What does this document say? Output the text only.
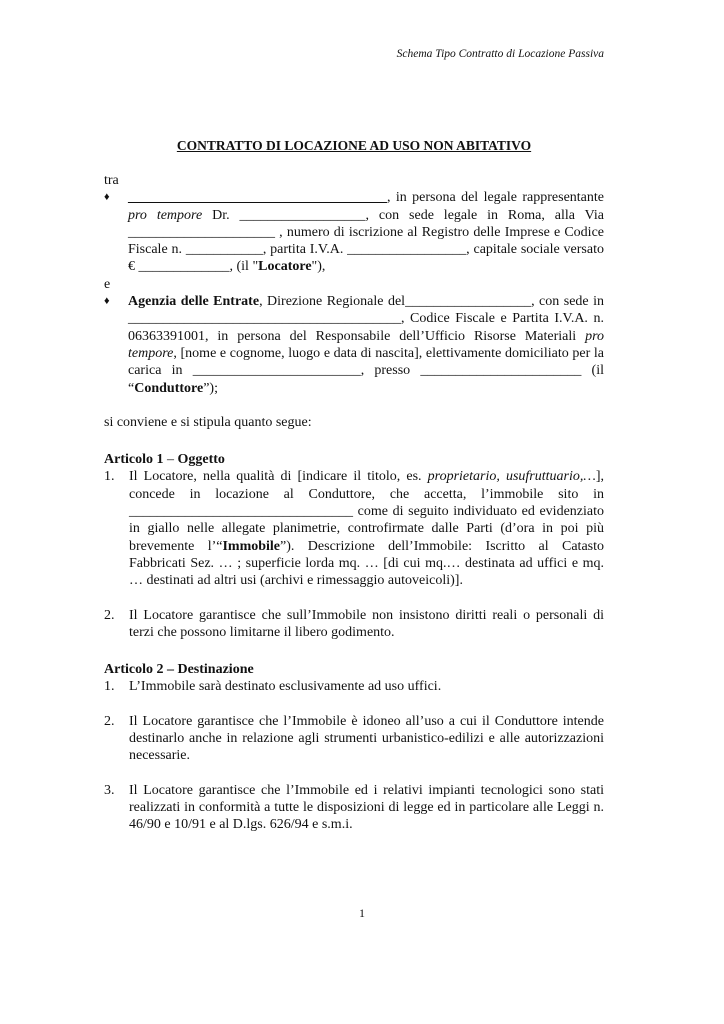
Schema Tipo Contratto di Locazione Passiva
CONTRATTO DI LOCAZIONE AD USO NON ABITATIVO

tra

♦ _____________________________________, in persona del legale rappresentante pro tempore Dr. __________________, con sede legale in Roma, alla Via _____________________ , numero di iscrizione al Registro delle Imprese e Codice Fiscale n. ___________, partita I.V.A. _________________, capitale sociale versato € _____________, (il "Locatore"),

e

♦ Agenzia delle Entrate, Direzione Regionale del__________________, con sede in _______________________________________, Codice Fiscale e Partita I.V.A. n. 06363391001, in persona del Responsabile dell’Ufficio Risorse Materiali pro tempore, [nome e cognome, luogo e data di nascita], elettivamente domiciliato per la carica in ________________________, presso _______________________ (il “Conduttore”);

si conviene e si stipula quanto segue:

Articolo 1 – Oggetto

1. Il Locatore, nella qualità di [indicare il titolo, es. proprietario, usufruttuario,…], concede in locazione al Conduttore, che accetta, l’immobile sito in ________________________________ come di seguito individuato ed evidenziato in giallo nelle allegate planimetrie, controfirmate dalle Parti (d’ora in poi più brevemente l’“Immobile”). Descrizione dell’Immobile: Iscritto al Catasto Fabbricati Sez. … ; superficie lorda mq. … [di cui mq.… destinata ad uffici e mq. … destinati ad altri usi (archivi e rimessaggio autoveicoli)].

2. Il Locatore garantisce che sull’Immobile non insistono diritti reali o personali di terzi che possono limitarne il libero godimento.

Articolo 2 – Destinazione

1. L’Immobile sarà destinato esclusivamente ad uso uffici.

2. Il Locatore garantisce che l’Immobile è idoneo all’uso a cui il Conduttore intende destinarlo anche in relazione agli strumenti urbanistico-edilizi e alle autorizzazioni necessarie.

3. Il Locatore garantisce che l’Immobile ed i relativi impianti tecnologici sono stati realizzati in conformità a tutte le disposizioni di legge ed in particolare alle Leggi n. 46/90 e 10/91 e al D.lgs. 626/94 e s.m.i.

1
